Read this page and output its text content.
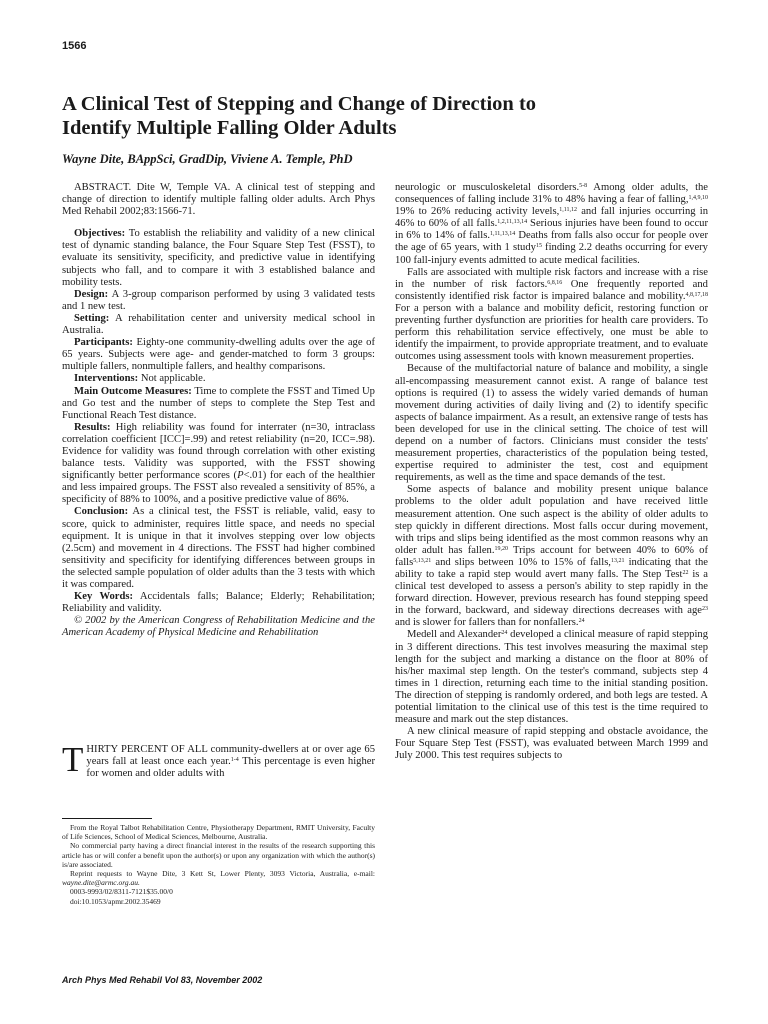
1566
A Clinical Test of Stepping and Change of Direction to
Identify Multiple Falling Older Adults
Wayne Dite, BAppSci, GradDip, Viviene A. Temple, PhD

ABSTRACT. Dite W, Temple VA. A clinical test of stepping and change of direction to identify multiple falling older adults. Arch Phys Med Rehabil 2002;83:1566-71.

Objectives: To establish the reliability and validity of a new clinical test of dynamic standing balance, the Four Square Step Test (FSST), to evaluate its sensitivity, specificity, and predictive value in identifying subjects who fall, and to compare it with 3 established balance and mobility tests.

Design: A 3-group comparison performed by using 3 validated tests and 1 new test.

Setting: A rehabilitation center and university medical school in Australia.

Participants: Eighty-one community-dwelling adults over the age of 65 years. Subjects were age- and gender-matched to form 3 groups: multiple fallers, nonmultiple fallers, and healthy comparisons.

Interventions: Not applicable.

Main Outcome Measures: Time to complete the FSST and Timed Up and Go test and the number of steps to complete the Step Test and Functional Reach Test distance.

Results: High reliability was found for interrater (n=30, intraclass correlation coefficient [ICC]=.99) and retest reliability (n=20, ICC=.98). Evidence for validity was found through correlation with other existing balance tests. Validity was supported, with the FSST showing significantly better performance scores (P<.01) for each of the healthier and less impaired groups. The FSST also revealed a sensitivity of 85%, a specificity of 88% to 100%, and a positive predictive value of 86%.

Conclusion: As a clinical test, the FSST is reliable, valid, easy to score, quick to administer, requires little space, and needs no special equipment. It is unique in that it involves stepping over low objects (2.5cm) and movement in 4 directions. The FSST had higher combined sensitivity and specificity for identifying differences between groups in the selected sample population of older adults than the 3 tests with which it was compared.

Key Words: Accidentals falls; Balance; Elderly; Rehabilitation; Reliability and validity.

© 2002 by the American Congress of Rehabilitation Medicine and the American Academy of Physical Medicine and Rehabilitation

THIRTY PERCENT OF ALL community-dwellers at or over age 65 years fall at least once each year.$^{1-4}$ This percentage is even higher for women and older adults with

From the Royal Talbot Rehabilitation Centre, Physiotherapy Department, RMIT University, Faculty of Life Sciences, School of Medical Sciences, Melbourne, Australia.

No commercial party having a direct financial interest in the results of the research supporting this article has or will confer a benefit upon the author(s) or upon any organization with which the author(s) is/are associated.

Reprint requests to Wayne Dite, 3 Kett St, Lower Plenty, 3093 Victoria, Australia, e-mail: wayne.dite@armc.org.au.

0003-9993/02/8311-7121$35.00/0

doi:10.1053/apmr.2002.35469

neurologic or musculoskeletal disorders.$^{5-8}$ Among older adults, the consequences of falling include 31% to 48% having a fear of falling,$^{1,4,9,10}$ 19% to 26% reducing activity levels,$^{1,11,12}$ and fall injuries occurring in 46% to 60% of all falls.$^{1,2,11,13,14}$ Serious injuries have been found to occur in 6% to 14% of falls.$^{1,11,13,14}$ Deaths from falls also occur for people over the age of 65 years, with 1 study$^{15}$ finding 2.2 deaths occurring for every 100 fall-injury events admitted to acute medical facilities.

Falls are associated with multiple risk factors and increase with a rise in the number of risk factors.$^{6,8,16}$ One frequently reported and consistently identified risk factor is impaired balance and mobility.$^{4,8,17,18}$ For a person with a balance and mobility deficit, restoring function or preventing further dysfunction are priorities for health care providers. To perform this rehabilitation service effectively, one must be able to identify the impairment, to provide appropriate treatment, and to evaluate outcomes using assessment tools with known measurement properties.

Because of the multifactorial nature of balance and mobility, a single all-encompassing measurement cannot exist. A range of balance test options is required (1) to assess the widely varied demands of human movement during activities of daily living and (2) to identify specific aspects of balance impairment. As a result, an extensive range of tests has been developed for use in the clinical setting. The choice of test will depend on a number of factors. Clinicians must consider the tests' measurement properties, characteristics of the population being tested, expertise required to administer the test, cost and equipment requirements, as well as the time and space demands of the test.

Some aspects of balance and mobility present unique balance problems to the older adult population and have received little measurement attention. One such aspect is the ability of older adults to step quickly in different directions. Most falls occur during movement, with trips and slips being identified as the most common reasons why an older adult has fallen.$^{19,20}$ Trips account for between 40% to 60% of falls$^{5,13,21}$ and slips between 10% to 15% of falls,$^{13,21}$ indicating that the ability to take a rapid step would avert many falls. The Step Test$^{22}$ is a clinical test developed to assess a person's ability to step rapidly in the forward direction. However, previous research has found stepping speed in the forward, backward, and sideway directions decreases with age$^{23}$ and is slower for fallers than for nonfallers.$^{24}$

Medell and Alexander$^{24}$ developed a clinical measure of rapid stepping in 3 different directions. This test involves measuring the maximal step length for the subject and marking a distance on the floor at 80% of his/her maximal step length. On the tester's command, subjects step 4 times in 1 direction, returning each time to the initial standing position. The direction of stepping is randomly ordered, and both legs are tested. A potential limitation to the clinical use of this test is the time required to measure and mark out the step distances.

A new clinical measure of rapid stepping and obstacle avoidance, the Four Square Step Test (FSST), was evaluated between March 1999 and July 2000. This test requires subjects to

Arch Phys Med Rehabil Vol 83, November 2002
